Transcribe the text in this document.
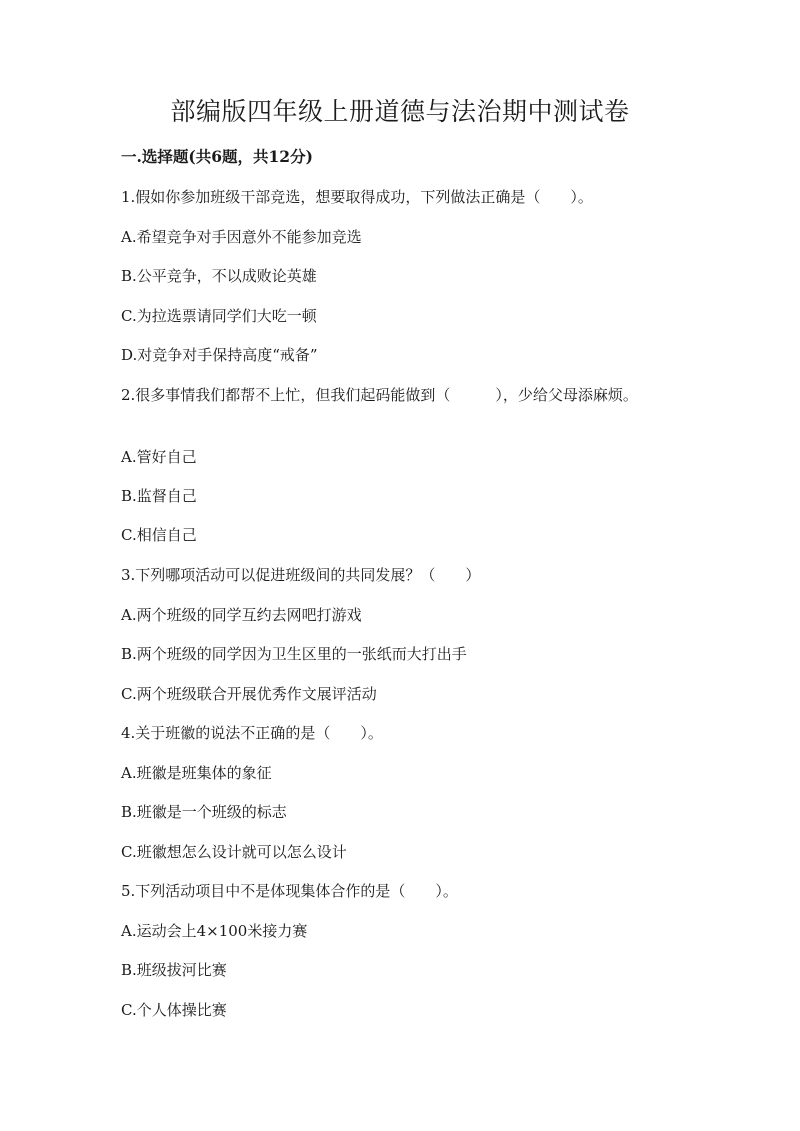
部编版四年级上册道德与法治期中测试卷
一.选择题(共6题，共12分)
1.假如你参加班级干部竞选，想要取得成功，下列做法正确是（　　）。
A.希望竞争对手因意外不能参加竞选
B.公平竞争，不以成败论英雄
C.为拉选票请同学们大吃一顿
D.对竞争对手保持高度“戒备”
2.很多事情我们都帮不上忙，但我们起码能做到（　　　），少给父母添麻烦。
A.管好自己
B.监督自己
C.相信自己
3.下列哪项活动可以促进班级间的共同发展？（　　）
A.两个班级的同学互约去网吧打游戏
B.两个班级的同学因为卫生区里的一张纸而大打出手
C.两个班级联合开展优秀作文展评活动
4.关于班徽的说法不正确的是（　　）。
A.班徽是班集体的象征
B.班徽是一个班级的标志
C.班徽想怎么设计就可以怎么设计
5.下列活动项目中不是体现集体合作的是（　　）。
A.运动会上4×100米接力赛
B.班级拔河比赛
C.个人体操比赛
